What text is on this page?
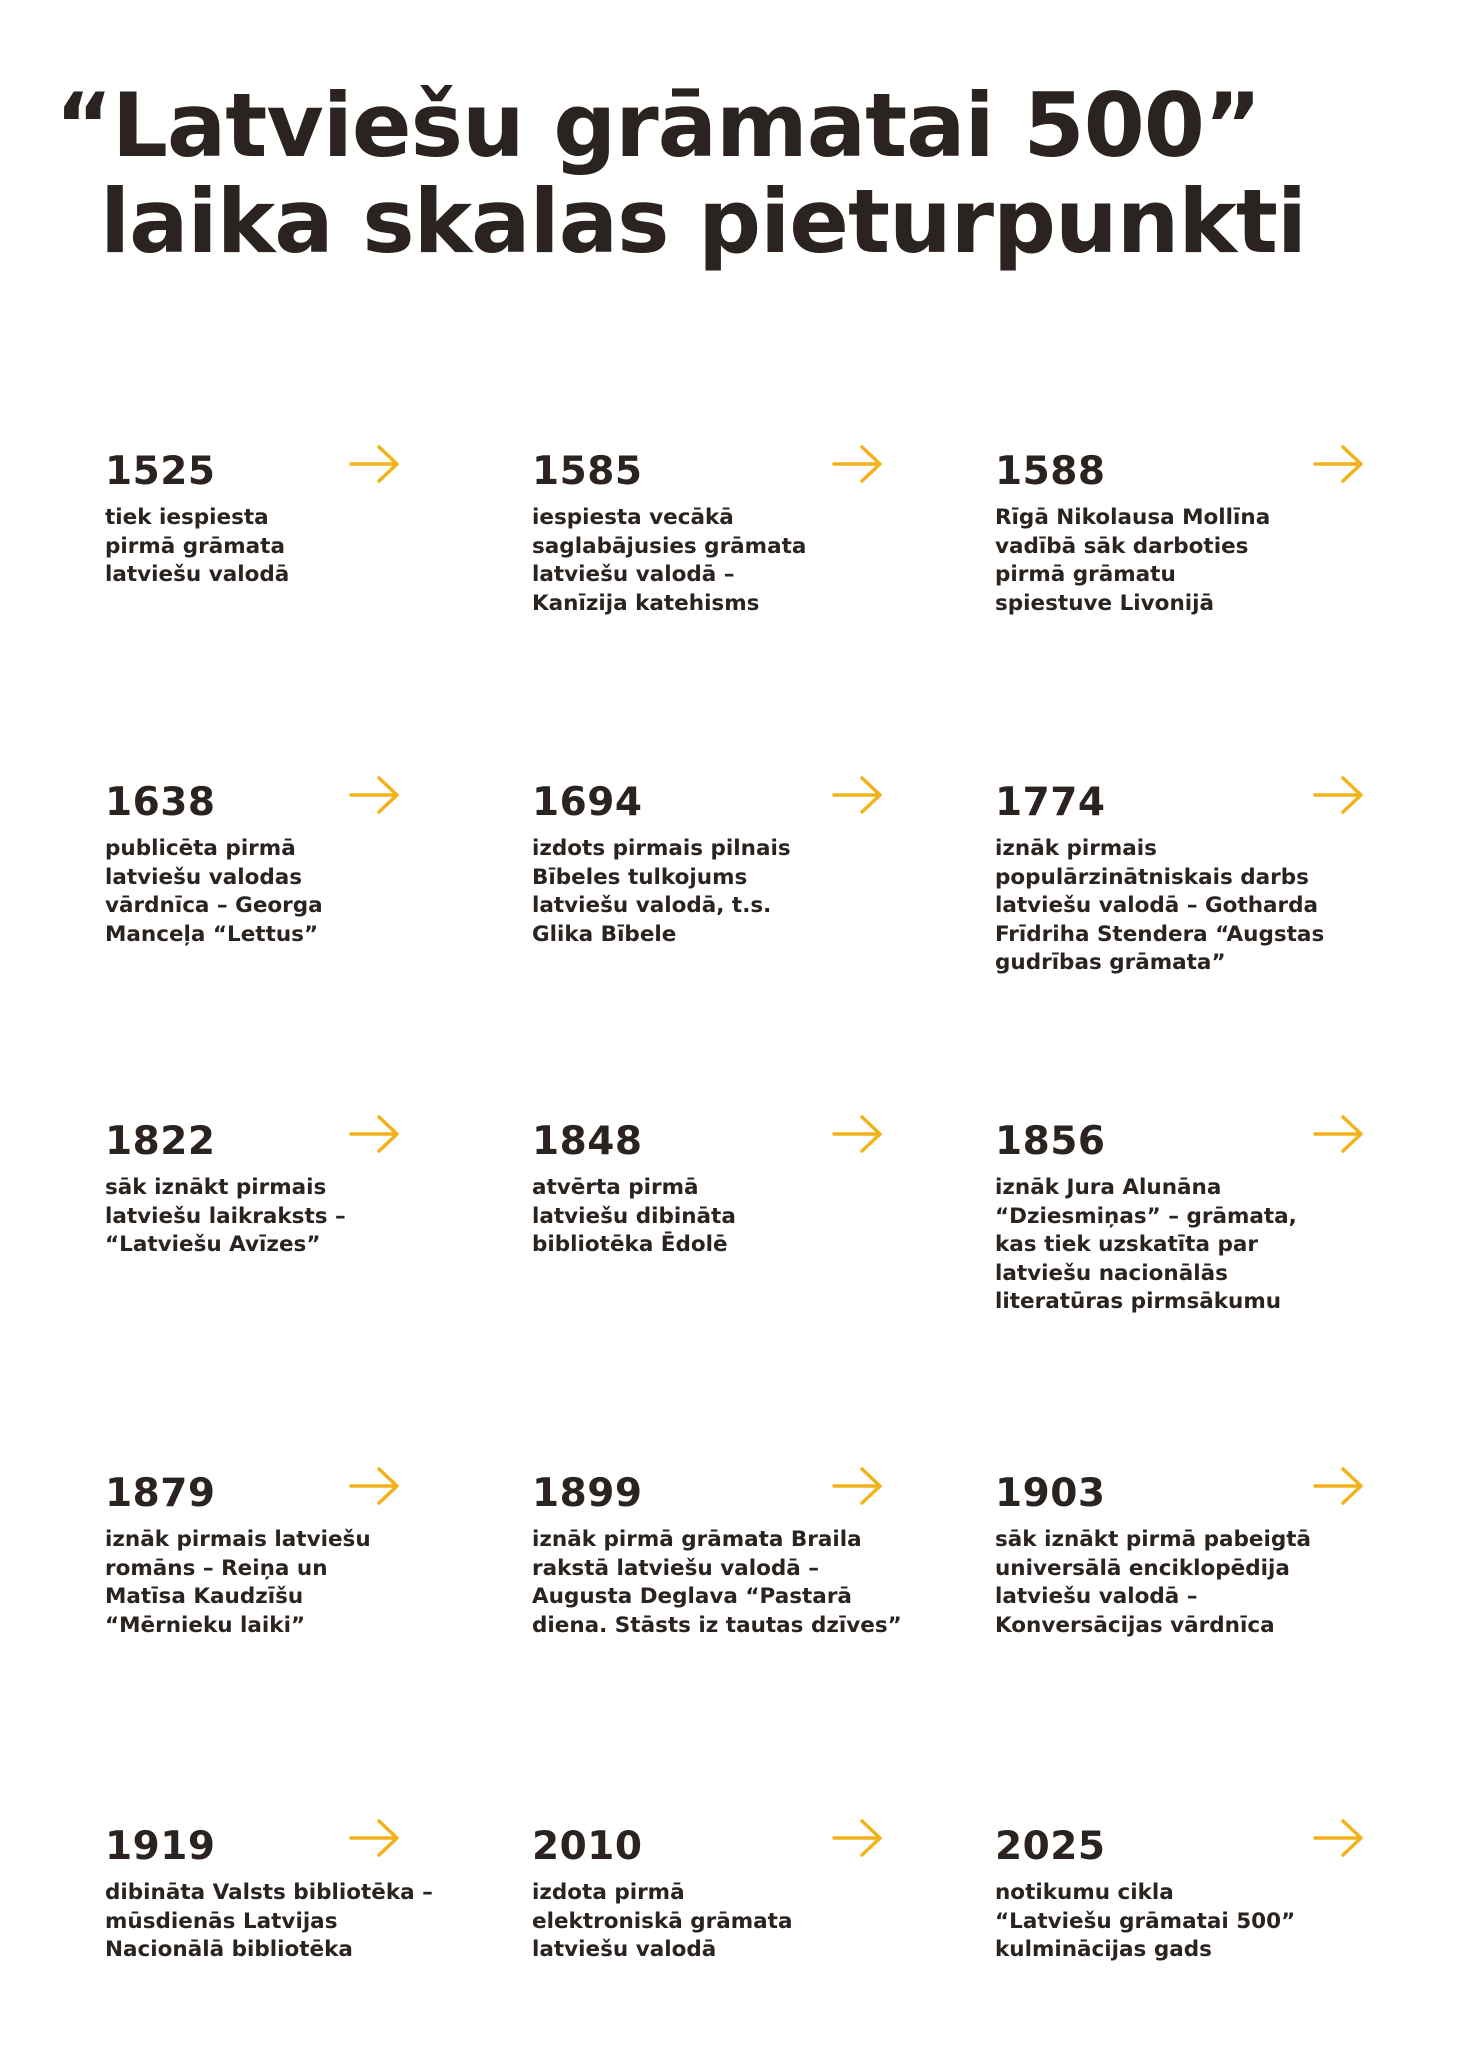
“Latviešu grāmatai 500”
laika skalas pieturpunkti
1525
tiek iespiesta
pirmā grāmata
latviešu valodā
1585
iespiesta vecākā
saglabājusies grāmata
latviešu valodā –
Kanīzija katehisms
1588
Rīgā Nikolausa Mollīna
vadībā sāk darboties
pirmā grāmatu
spiestuve Livonijā
1638
publicēta pirmā
latviešu valodas
vārdnīca – Georga
Manceļa “Lettus”
1694
izdots pirmais pilnais
Bībeles tulkojums
latviešu valodā, t.s.
Glika Bībele
1774
iznāk pirmais
populārzinātniskais darbs
latviešu valodā – Gotharda
Frīdriha Stendera “Augstas
gudrības grāmata”
1822
sāk iznākt pirmais
latviešu laikraksts –
“Latviešu Avīzes”
1848
atvērta pirmā
latviešu dibināta
bibliotēka Ēdolē
1856
iznāk Jura Alunāna
“Dziesmiņas” – grāmata,
kas tiek uzskatīta par
latviešu nacionālās
literatūras pirmsākumu
1879
iznāk pirmais latviešu
romāns – Reiņa un
Matīsa Kaudzīšu
“Mērnieku laiki”
1899
iznāk pirmā grāmata Braila
rakstā latviešu valodā –
Augusta Deglava “Pastarā
diena. Stāsts iz tautas dzīves”
1903
sāk iznākt pirmā pabeigtā
universālā enciklopēdija
latviešu valodā –
Konversācijas vārdnīca
1919
dibināta Valsts bibliotēka –
mūsdienās Latvijas
Nacionālā bibliotēka
2010
izdota pirmā
elektroniskā grāmata
latviešu valodā
2025
notikumu cikla
“Latviešu grāmatai 500”
kulminācijas gads
